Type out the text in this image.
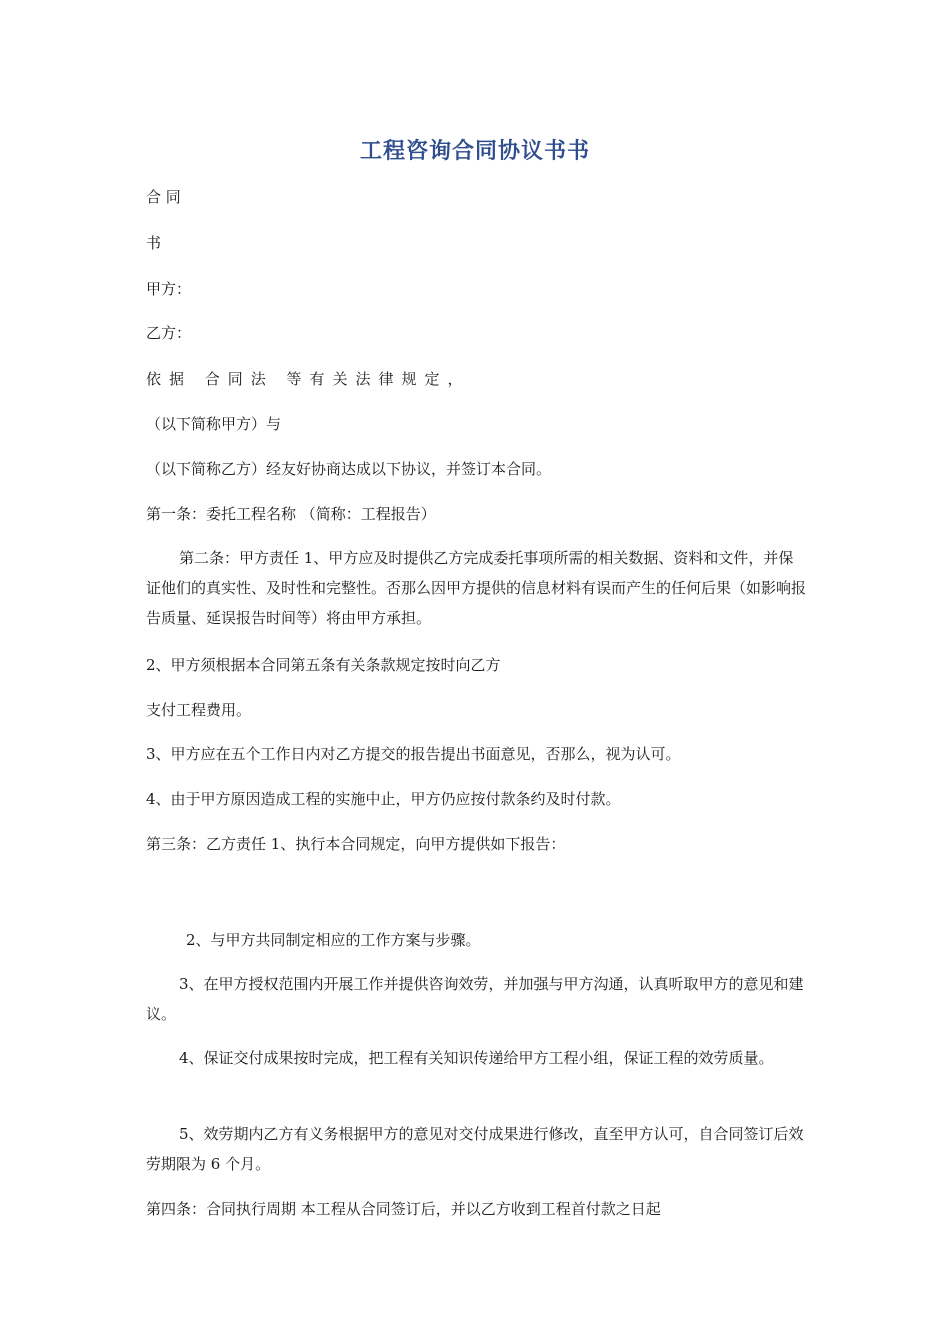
工程咨询合同协议书书
合 同
书
甲方：
乙方：
依据 合同法 等有关法律规定，
（以下简称甲方）与
（以下简称乙方）经友好协商达成以下协议，并签订本合同。
第一条：委托工程名称 （简称：工程报告）
第二条：甲方责任 1、甲方应及时提供乙方完成委托事项所需的相关数据、资料和文件，并保证他们的真实性、及时性和完整性。否那么因甲方提供的信息材料有误而产生的任何后果（如影响报告质量、延误报告时间等）将由甲方承担。
2、甲方须根据本合同第五条有关条款规定按时向乙方
支付工程费用。
3、甲方应在五个工作日内对乙方提交的报告提出书面意见，否那么，视为认可。
4、由于甲方原因造成工程的实施中止，甲方仍应按付款条约及时付款。
第三条：乙方责任 1、执行本合同规定，向甲方提供如下报告：
2、与甲方共同制定相应的工作方案与步骤。
3、在甲方授权范围内开展工作并提供咨询效劳，并加强与甲方沟通，认真听取甲方的意见和建议。
4、保证交付成果按时完成，把工程有关知识传递给甲方工程小组，保证工程的效劳质量。
5、效劳期内乙方有义务根据甲方的意见对交付成果进行修改，直至甲方认可，自合同签订后效劳期限为 6 个月。
第四条：合同执行周期 本工程从合同签订后，并以乙方收到工程首付款之日起
